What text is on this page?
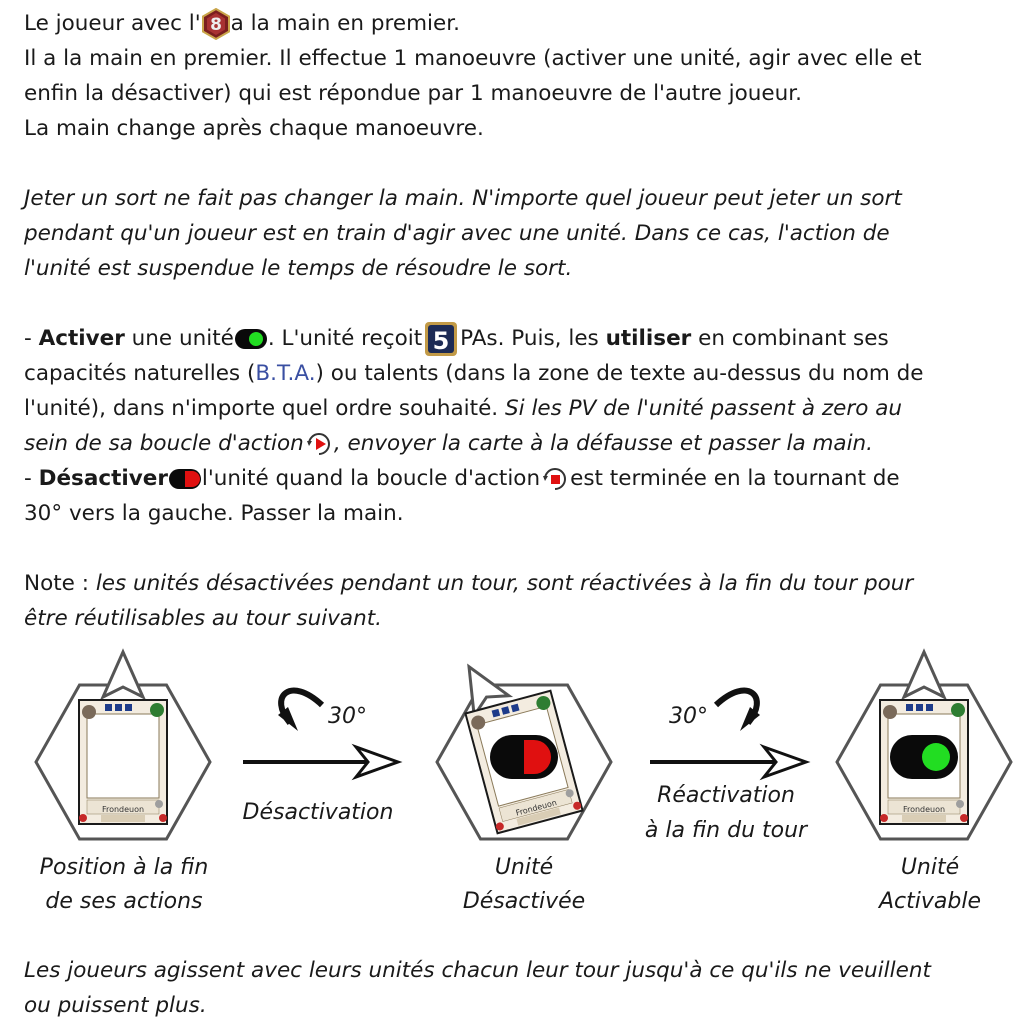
Le joueur avec l' 8 a la main en premier.
Il a la main en premier. Il effectue 1 manoeuvre (activer une unité, agir avec elle et
enfin la désactiver) qui est répondue par 1 manoeuvre de l'autre joueur.
La main change après chaque manoeuvre.
Jeter un sort ne fait pas changer la main. N'importe quel joueur peut jeter un sort
pendant qu'un joueur est en train d'agir avec une unité. Dans ce cas, l'action de
l'unité est suspendue le temps de résoudre le sort.
- Activer une unité . L'unité reçoit 5 PAs. Puis, les utiliser en combinant ses
capacités naturelles (B.T.A.) ou talents (dans la zone de texte au-dessus du nom de
l'unité), dans n'importe quel ordre souhaité. Si les PV de l'unité passent à zero au
sein de sa boucle d'action , envoyer la carte à la défausse et passer la main.
- Désactiver l'unité quand la boucle d'action est terminée en la tournant de
30° vers la gauche. Passer la main.
Note : les unités désactivées pendant un tour, sont réactivées à la fin du tour pour
être réutilisables au tour suivant.
Frondeuon
30°
Désactivation	Frondeuon
30°
Réactivation
à la fin du tour
Frondeuon
Position à la fin
de ses actions
Unité
Désactivée
Unité
Activable
Les joueurs agissent avec leurs unités chacun leur tour jusqu'à ce qu'ils ne veuillent
ou puissent plus.
